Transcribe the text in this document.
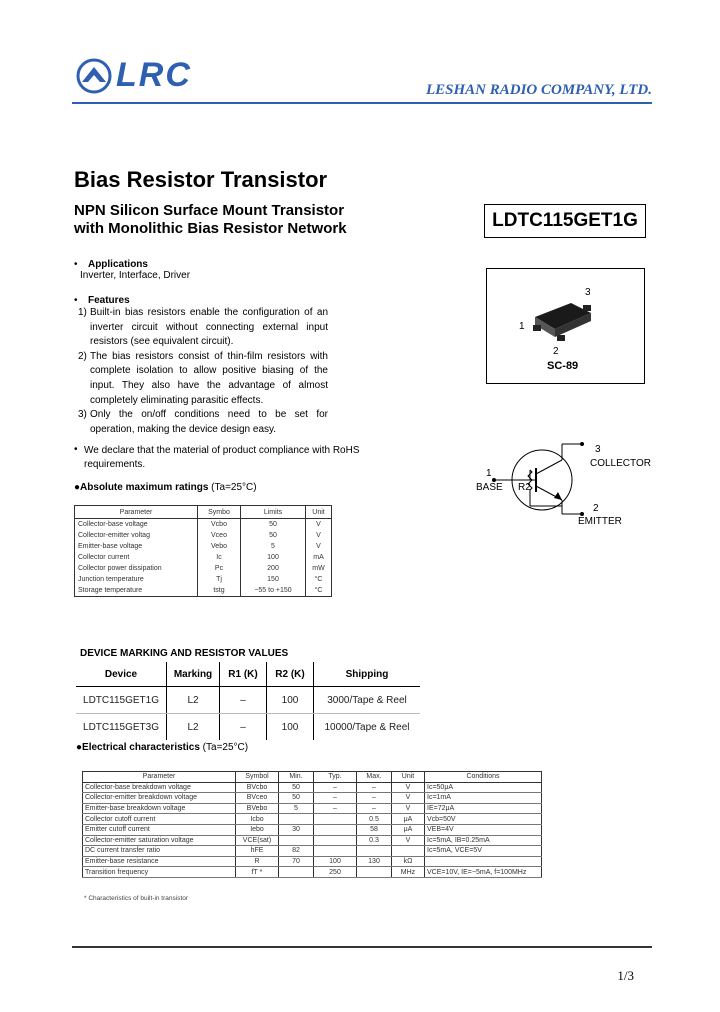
LRC	LESHAN RADIO COMPANY, LTD.
Bias Resistor Transistor
NPN Silicon Surface Mount Transistor
with Monolithic Bias Resistor Network	LDTC115GET1G
• Applications
Inverter, Interface, Driver
• Features
1) Built-in bias resistors enable the configuration of an inverter circuit without connecting external input resistors (see equivalent circuit).
2) The bias resistors consist of thin-film resistors with complete isolation to allow positive biasing of the input. They also have the advantage of almost completely eliminating parasitic effects.
3) Only the on/off conditions need to be set for operation, making the device design easy.
• We declare that the material of product compliance with RoHS requirements.
3
1
2
SC-89
1
BASE
3
COLLECTOR
2
EMITTER
R2
●Absolute maximum ratings (Ta=25°C)
Parameter	Symbo	Limits	Unit
Collector-base voltage	Vcbo	50	V
Collector-emitter voltag	Vceo	50	V
Emitter-base voltage	Vebo	5	V
Collector current	Ic	100	mA
Collector power dissipation	Pc	200	mW
Junction temperature	Tj	150	°C
Storage temperature	tstg	−55 to +150	°C
DEVICE MARKING AND RESISTOR VALUES
Device	Marking	R1 (K)	R2 (K)	Shipping
LDTC115GET1G	L2	–	100	3000/Tape & Reel
LDTC115GET3G	L2	–	100	10000/Tape & Reel
●Electrical characteristics (Ta=25°C)
Parameter	Symbol	Min.	Typ.	Max.	Unit	Conditions
Collector-base breakdown voltage	BVcbo	50	–	–	V	Ic=50μA
Collector-emitter breakdown voltage	BVceo	50	–	–	V	Ic=1mA
Emitter-base breakdown voltage	BVebo	5	–	–	V	IE=72μA
Collector cutoff current	Icbo			0.5	μA	Vcb=50V
Emitter cutoff current	Iebo	30		58	μA	VEB=4V
Collector-emitter saturation voltage	VCE(sat)			0.3	V	Ic=5mA, IB=0.25mA
DC current transfer ratio	hFE	82				Ic=5mA, VCE=5V
Emitter-base resistance	R	70	100	130	kΩ	
Transition frequency	fT *		250		MHz	VCE=10V, IE=−5mA, f=100MHz
* Characteristics of built-in transistor
1/3
